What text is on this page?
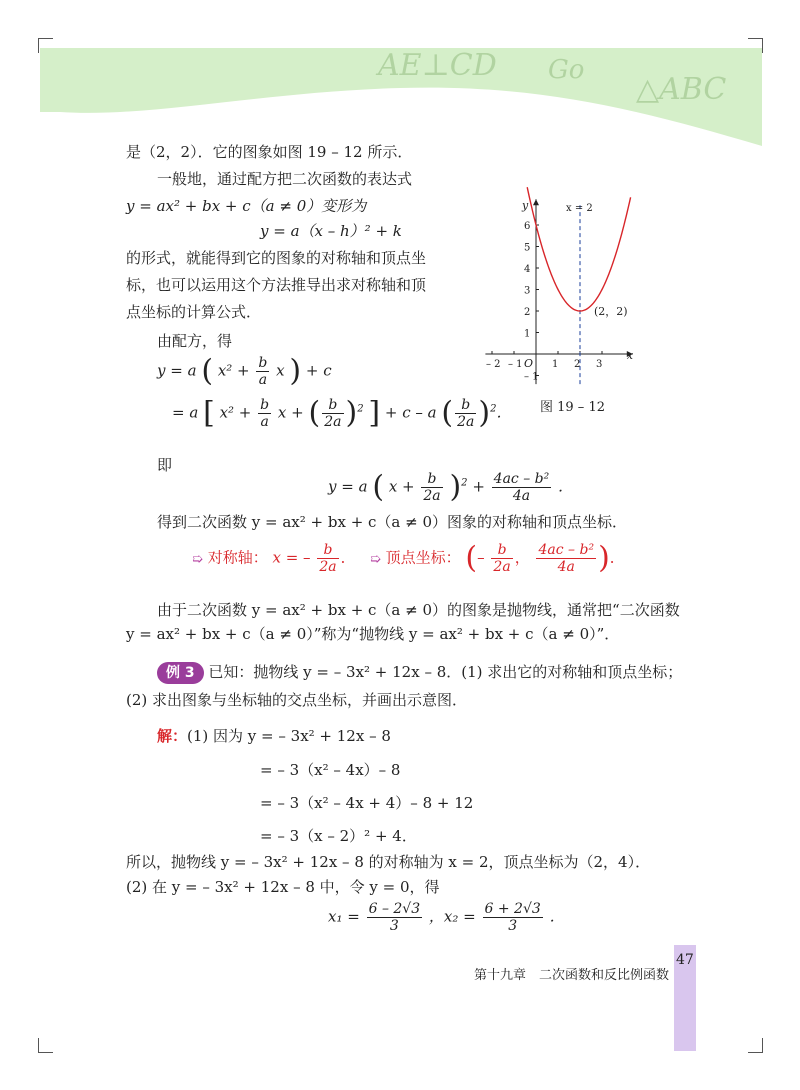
AE⊥CD Go
△ABC
是（2，2）．它的图象如图 19 – 12 所示．
一般地，通过配方把二次函数的表达式
y = ax² + bx + c（a ≠ 0）变形为
y = a（x – h）² + k
的形式，就能得到它的图象的对称轴和顶点坐
标，也可以运用这个方法推导出求对称轴和顶
点坐标的计算公式．
由配方，得
y = a ( $x^2 + \frac{b}{a}$ x ) + c
= a [ $x^2 + \frac{b}{a}$ x + ( $\frac{b}{2a} )^2$ ] + c – a ( $\frac{b}{2a} )^2$．
即
y = a ( $x + \frac{b}{2a} )^2 + \frac{\text{4ac – b²}}{4a}$ ．
得到二次函数 y = ax² + bx + c（a ≠ 0）图象的对称轴和顶点坐标．
➯ 对称轴： x = – $\frac{b}{2a}$ ． ➯ 顶点坐标： (– $\frac{b}{2a}$ ， $\frac{\text{4ac – b²}}{4a}$ )．
由于二次函数 y = ax² + bx + c（a ≠ 0）的图象是抛物线，通常把“二次函数
y = ax² + bx + c（a ≠ 0）”称为“抛物线 y = ax² + bx + c（a ≠ 0）”．
例 3 已知：抛物线 y = – 3x² + 12x – 8．(1) 求出它的对称轴和顶点坐标；
(2) 求出图象与坐标轴的交点坐标，并画出示意图．
解：(1) 因为 y = – 3x² + 12x – 8
= – 3（x² – 4x）– 8
= – 3（x² – 4x + 4）– 8 + 12
= – 3（x – 2）² + 4．
所以，抛物线 y = – 3x² + 12x – 8 的对称轴为 x = 2，顶点坐标为（2，4）．
(2) 在 y = – 3x² + 12x – 8 中，令 y = 0，得
$x_1 = \frac{6 - 2√3}{3}$ ，$x_2 = \frac{6 + 2√3}{3}$ ．
x
y
O
– 2 – 1	1 2 3
– 1
1
2
3
4
5
6
x = 2
(2，2)
图 19 – 12
第十九章　二次函数和反比例函数
47
